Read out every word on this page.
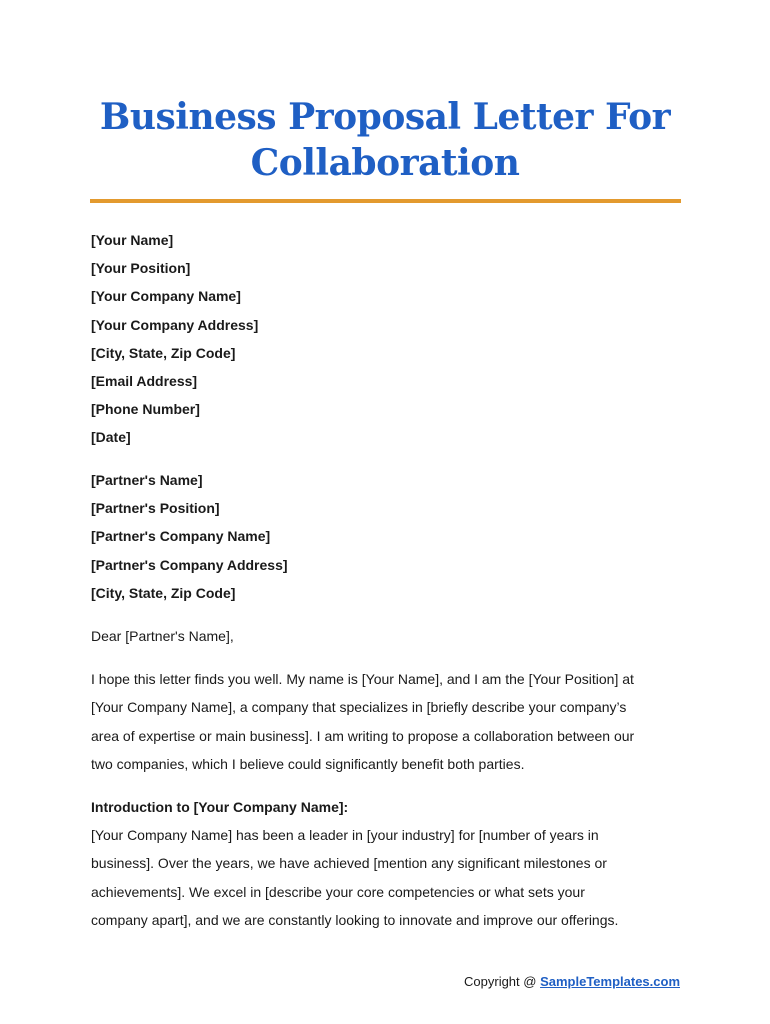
Business Proposal Letter For
Collaboration
[Your Name]
[Your Position]
[Your Company Name]
[Your Company Address]
[City, State, Zip Code]
[Email Address]
[Phone Number]
[Date]
[Partner's Name]
[Partner's Position]
[Partner's Company Name]
[Partner's Company Address]
[City, State, Zip Code]

Dear [Partner's Name],

I hope this letter finds you well. My name is [Your Name], and I am the [Your Position] at
[Your Company Name], a company that specializes in [briefly describe your company’s
area of expertise or main business]. I am writing to propose a collaboration between our
two companies, which I believe could significantly benefit both parties.

Introduction to [Your Company Name]:

[Your Company Name] has been a leader in [your industry] for [number of years in
business]. Over the years, we have achieved [mention any significant milestones or
achievements]. We excel in [describe your core competencies or what sets your
company apart], and we are constantly looking to innovate and improve our offerings.

Copyright @ SampleTemplates.com
